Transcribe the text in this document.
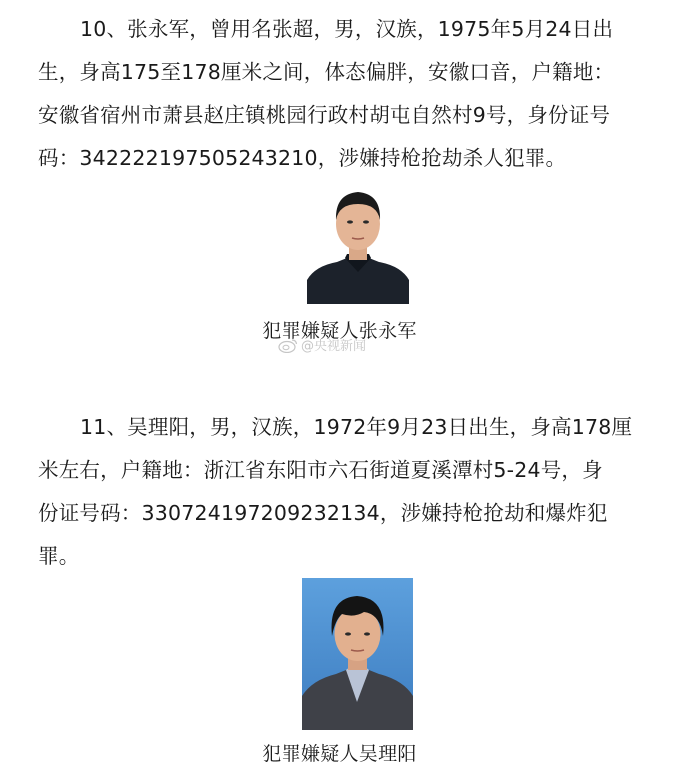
10、张永军，曾用名张超，男，汉族，1975年5月24日出
生，身高175至178厘米之间，体态偏胖，安徽口音，户籍地：
安徽省宿州市萧县赵庄镇桃园行政村胡屯自然村9号，身份证号
码：342222197505243210，涉嫌持枪抢劫杀人犯罪。

犯罪嫌疑人张永军

@央视新闻

11、吴理阳，男，汉族，1972年9月23日出生，身高178厘
米左右，户籍地：浙江省东阳市六石街道夏溪潭村5-24号，身
份证号码：330724197209232134，涉嫌持枪抢劫和爆炸犯
罪。

犯罪嫌疑人吴理阳
